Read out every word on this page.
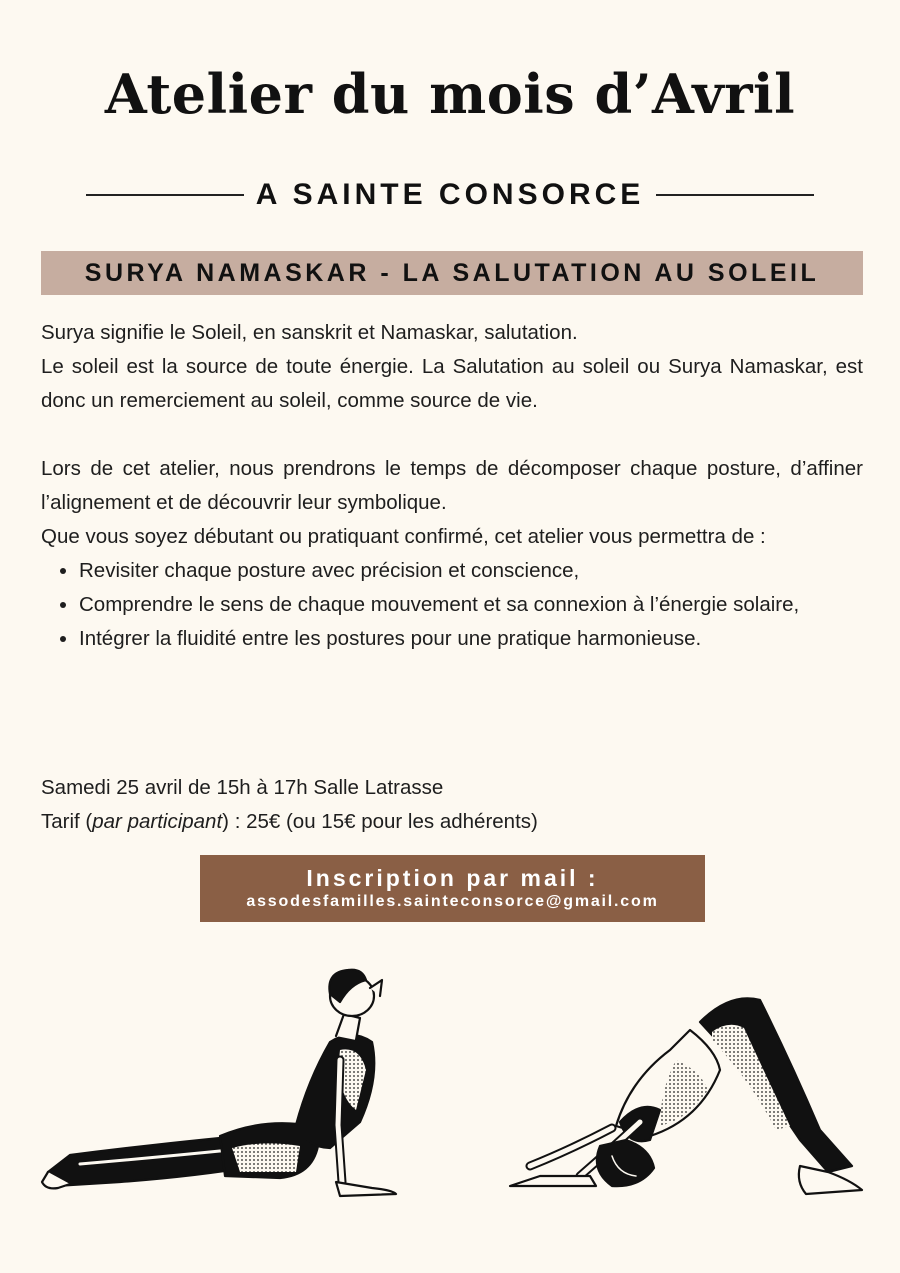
Atelier du mois d’Avril
A SAINTE CONSORCE
SURYA NAMASKAR - LA SALUTATION AU SOLEIL

Surya signifie le Soleil, en sanskrit et Namaskar, salutation.

Le soleil est la source de toute énergie. La Salutation au soleil ou Surya Namaskar, est donc un remerciement au soleil, comme source de vie.

Lors de cet atelier, nous prendrons le temps de décomposer chaque posture, d’affiner l’alignement et de découvrir leur symbolique.

Que vous soyez débutant ou pratiquant confirmé, cet atelier vous permettra de :

• Revisiter chaque posture avec précision et conscience,
• Comprendre le sens de chaque mouvement et sa connexion à l’énergie solaire,
• Intégrer la fluidité entre les postures pour une pratique harmonieuse.
Samedi 25 avril de 15h à 17h Salle Latrasse
Tarif (par participant) : 25€ (ou 15€ pour les adhérents)
Inscription par mail :
assodesfamilles.sainteconsorce@gmail.com
